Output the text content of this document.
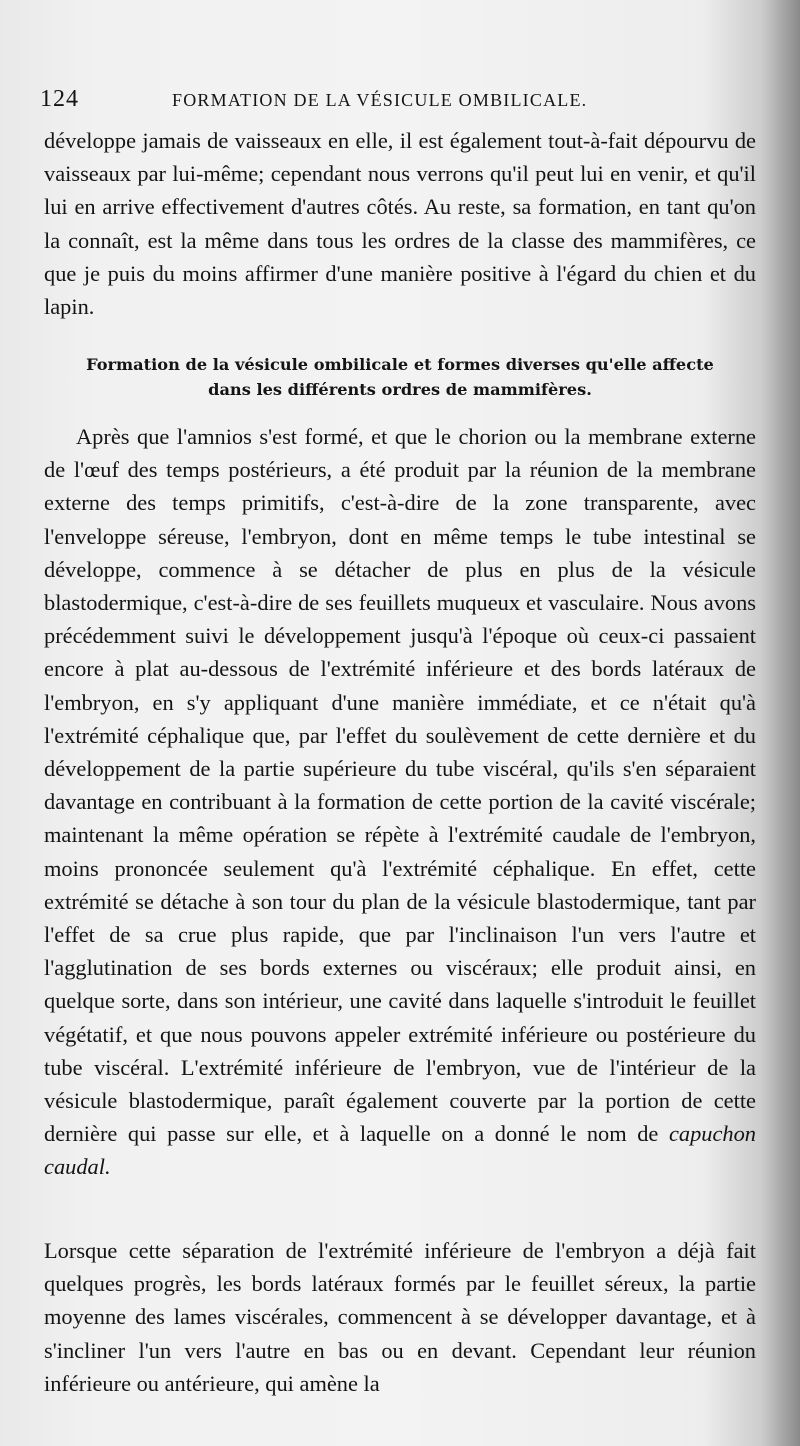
124	FORMATION DE LA VÉSICULE OMBILICALE.

développe jamais de vaisseaux en elle, il est également tout-à-fait dépourvu de vaisseaux par lui-même; cependant nous verrons qu'il peut lui en venir, et qu'il lui en arrive effectivement d'autres côtés. Au reste, sa formation, en tant qu'on la connaît, est la même dans tous les ordres de la classe des mammifères, ce que je puis du moins affirmer d'une manière positive à l'égard du chien et du lapin.

Formation de la vésicule ombilicale et formes diverses qu'elle affecte
dans les différents ordres de mammifères.

Après que l'amnios s'est formé, et que le chorion ou la membrane externe de l'œuf des temps postérieurs, a été produit par la réunion de la membrane externe des temps primitifs, c'est-à-dire de la zone transparente, avec l'enveloppe séreuse, l'embryon, dont en même temps le tube intestinal se développe, commence à se détacher de plus en plus de la vésicule blastodermique, c'est-à-dire de ses feuillets muqueux et vasculaire. Nous avons précédemment suivi le développement jusqu'à l'époque où ceux-ci passaient encore à plat au-dessous de l'extrémité inférieure et des bords latéraux de l'embryon, en s'y appliquant d'une manière immédiate, et ce n'était qu'à l'extrémité céphalique que, par l'effet du soulèvement de cette dernière et du développement de la partie supérieure du tube viscéral, qu'ils s'en séparaient davantage en contribuant à la formation de cette portion de la cavité viscérale; maintenant la même opération se répète à l'extrémité caudale de l'embryon, moins prononcée seulement qu'à l'extrémité céphalique. En effet, cette extrémité se détache à son tour du plan de la vésicule blastodermique, tant par l'effet de sa crue plus rapide, que par l'inclinaison l'un vers l'autre et l'agglutination de ses bords externes ou viscéraux; elle produit ainsi, en quelque sorte, dans son intérieur, une cavité dans laquelle s'introduit le feuillet végétatif, et que nous pouvons appeler extrémité inférieure ou postérieure du tube viscéral. L'extrémité inférieure de l'embryon, vue de l'intérieur de la vésicule blastodermique, paraît également couverte par la portion de cette dernière qui passe sur elle, et à laquelle on a donné le nom de capuchon caudal.

Lorsque cette séparation de l'extrémité inférieure de l'embryon a déjà fait quelques progrès, les bords latéraux formés par le feuillet séreux, la partie moyenne des lames viscérales, commencent à se développer davantage, et à s'incliner l'un vers l'autre en bas ou en devant. Cependant leur réunion inférieure ou antérieure, qui amène la
